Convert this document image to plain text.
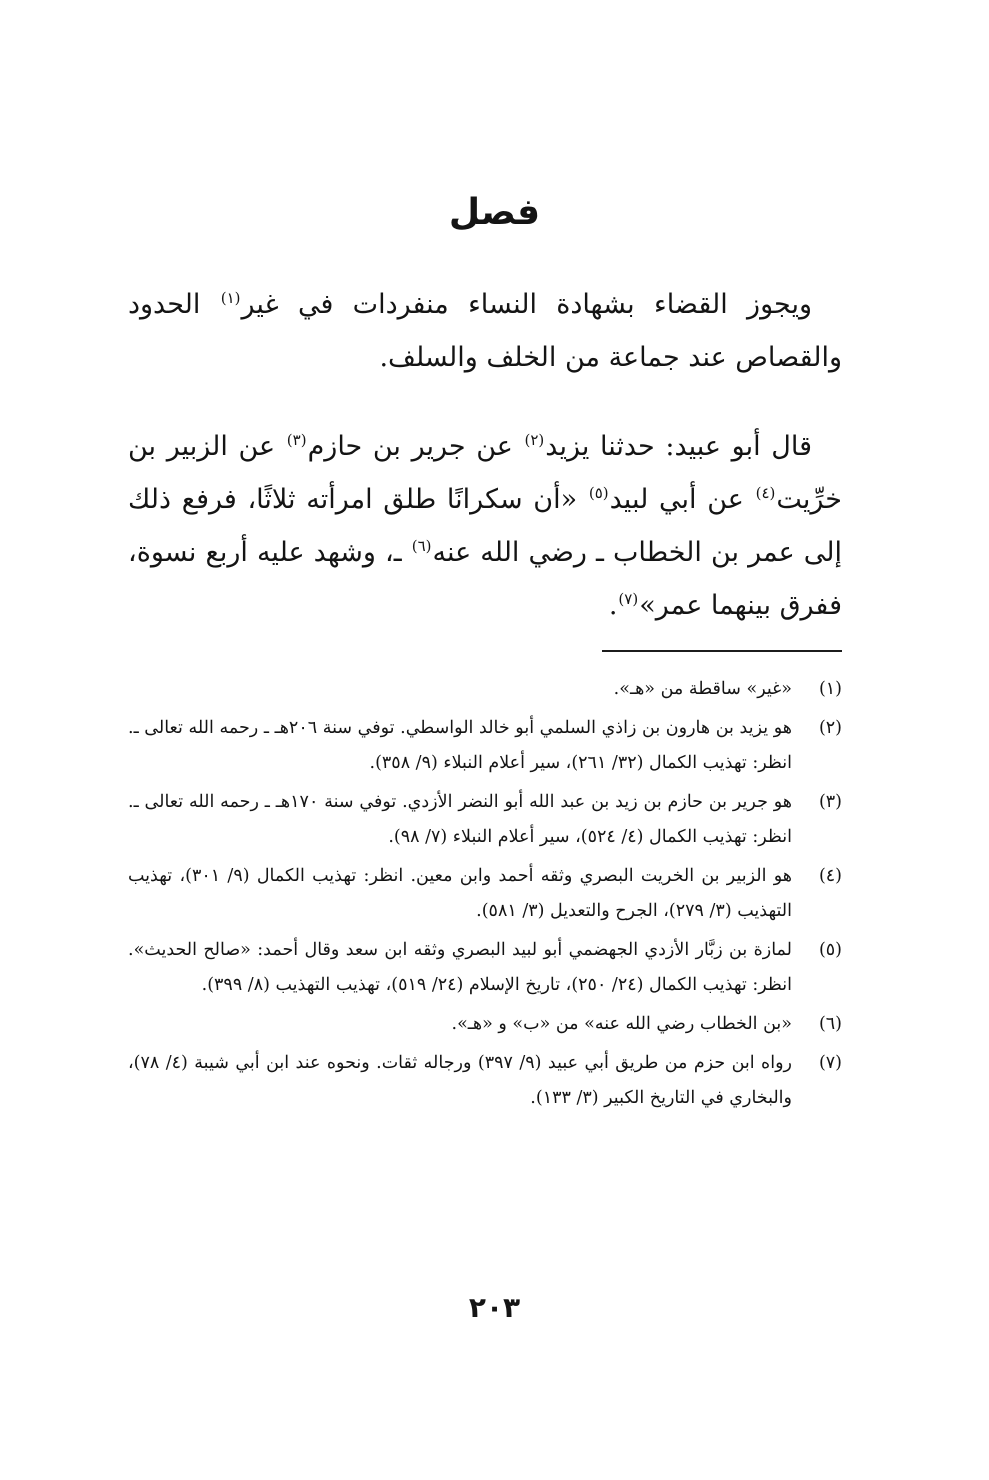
فصل
ويجوز القضاء بشهادة النساء منفردات في غير$^{(١)}$ الحدود والقصاص عند جماعة من الخلف والسلف.
قال أبو عبيد: حدثنا يزيد$^{(٢)}$ عن جرير بن حازم$^{(٣)}$ عن الزبير بن خرِّيت$^{(٤)}$ عن أبي لبيد$^{(٥)}$ «أن سكرانًا طلق امرأته ثلاثًا، فرفع ذلك إلى عمر بن الخطاب ـ رضي الله عنه$^{(٦)}$ ـ، وشهد عليه أربع نسوة، ففرق بينهما عمر»$^{(٧)}$.
(١)
«غير» ساقطة من «هـ».
(٢)
هو يزيد بن هارون بن زاذي السلمي أبو خالد الواسطي. توفي سنة ٢٠٦هـ ـ رحمه الله تعالى ـ. انظر: تهذيب الكمال (٣٢/ ٢٦١)، سير أعلام النبلاء (٩/ ٣٥٨).
(٣)
هو جرير بن حازم بن زيد بن عبد الله أبو النضر الأزدي. توفي سنة ١٧٠هـ ـ رحمه الله تعالى ـ. انظر: تهذيب الكمال (٤/ ٥٢٤)، سير أعلام النبلاء (٧/ ٩٨).
(٤)
هو الزبير بن الخريت البصري وثقه أحمد وابن معين. انظر: تهذيب الكمال (٩/ ٣٠١)، تهذيب التهذيب (٣/ ٢٧٩)، الجرح والتعديل (٣/ ٥٨١).
(٥)
لمازة بن زبَّار الأزدي الجهضمي أبو لبيد البصري وثقه ابن سعد وقال أحمد: «صالح الحديث». انظر: تهذيب الكمال (٢٤/ ٢٥٠)، تاريخ الإسلام (٢٤/ ٥١٩)، تهذيب التهذيب (٨/ ٣٩٩).
(٦)
«بن الخطاب رضي الله عنه» من «ب» و «هـ».
(٧)
رواه ابن حزم من طريق أبي عبيد (٩/ ٣٩٧) ورجاله ثقات. ونحوه عند ابن أبي شيبة (٤/ ٧٨)، والبخاري في التاريخ الكبير (٣/ ١٣٣).
٢٠٣
